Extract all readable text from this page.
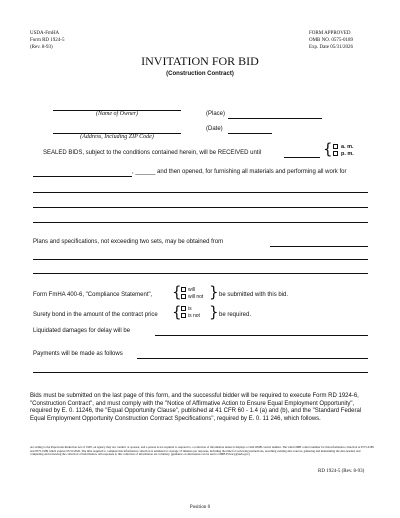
USDA-FmHA
Form RD 1924-5
(Rev. 8-93)
FORM APPROVED
OMB NO. 0575-0189
Exp. Date 05/31/2026
INVITATION FOR BID
(Construction Contract)
(Name of Owner)
(Address, Including ZIP Code)
(Place)
(Date)
SEALED BIDS, subject to the conditions contained herein, will be RECEIVED until	{ a. m.
p. m.
, ______ and then opened, for furnishing all materials and performing all work for
Plans and specifications, not exceeding two sets, may be obtained from
Form FmHA 400-6, "Compliance Statement", { will
will not } be submitted with this bid.
Surety bond in the amount of the contract price { is
is not } be required.
Liquidated damages for delay will be
Payments will be made as follows
Bids must be submitted on the last page of this form, and the successful bidder will be required to execute Form RD 1924-6, "Construction Contract", and must comply with the "Notice of Affirmative Action to Ensure Equal Employment Opportunity", required by E. 0. 11246, the "Equal Opportunity Clause", published at 41 CFR 60 - 1.4 (a) and (b), and the "Standard Federal Equal Employment Opportunity Construction Contract Specifications", required by E. 0. 11 246, which follows.
According to the Paperwork Reduction Act of 1995, an agency may not conduct or sponsor, and a person is not required to respond to, a collection of information unless it displays a valid OMB control number. The valid OMB control number for this information collection is 0575-0189 and 0575-0189 which expires 05/31/2026. The time required to complete this information collection is estimated to average 15 minutes per response, including the time for reviewing instructions, searching existing data sources, gathering and maintaining the data needed, and completing and reviewing the collection of information. All responses to this collection of information are voluntary. (guidance on disclosures can be sent to OMB Privacy@usda.gov)
RD 1924-5 (Rev. 8-93)
Position 6
